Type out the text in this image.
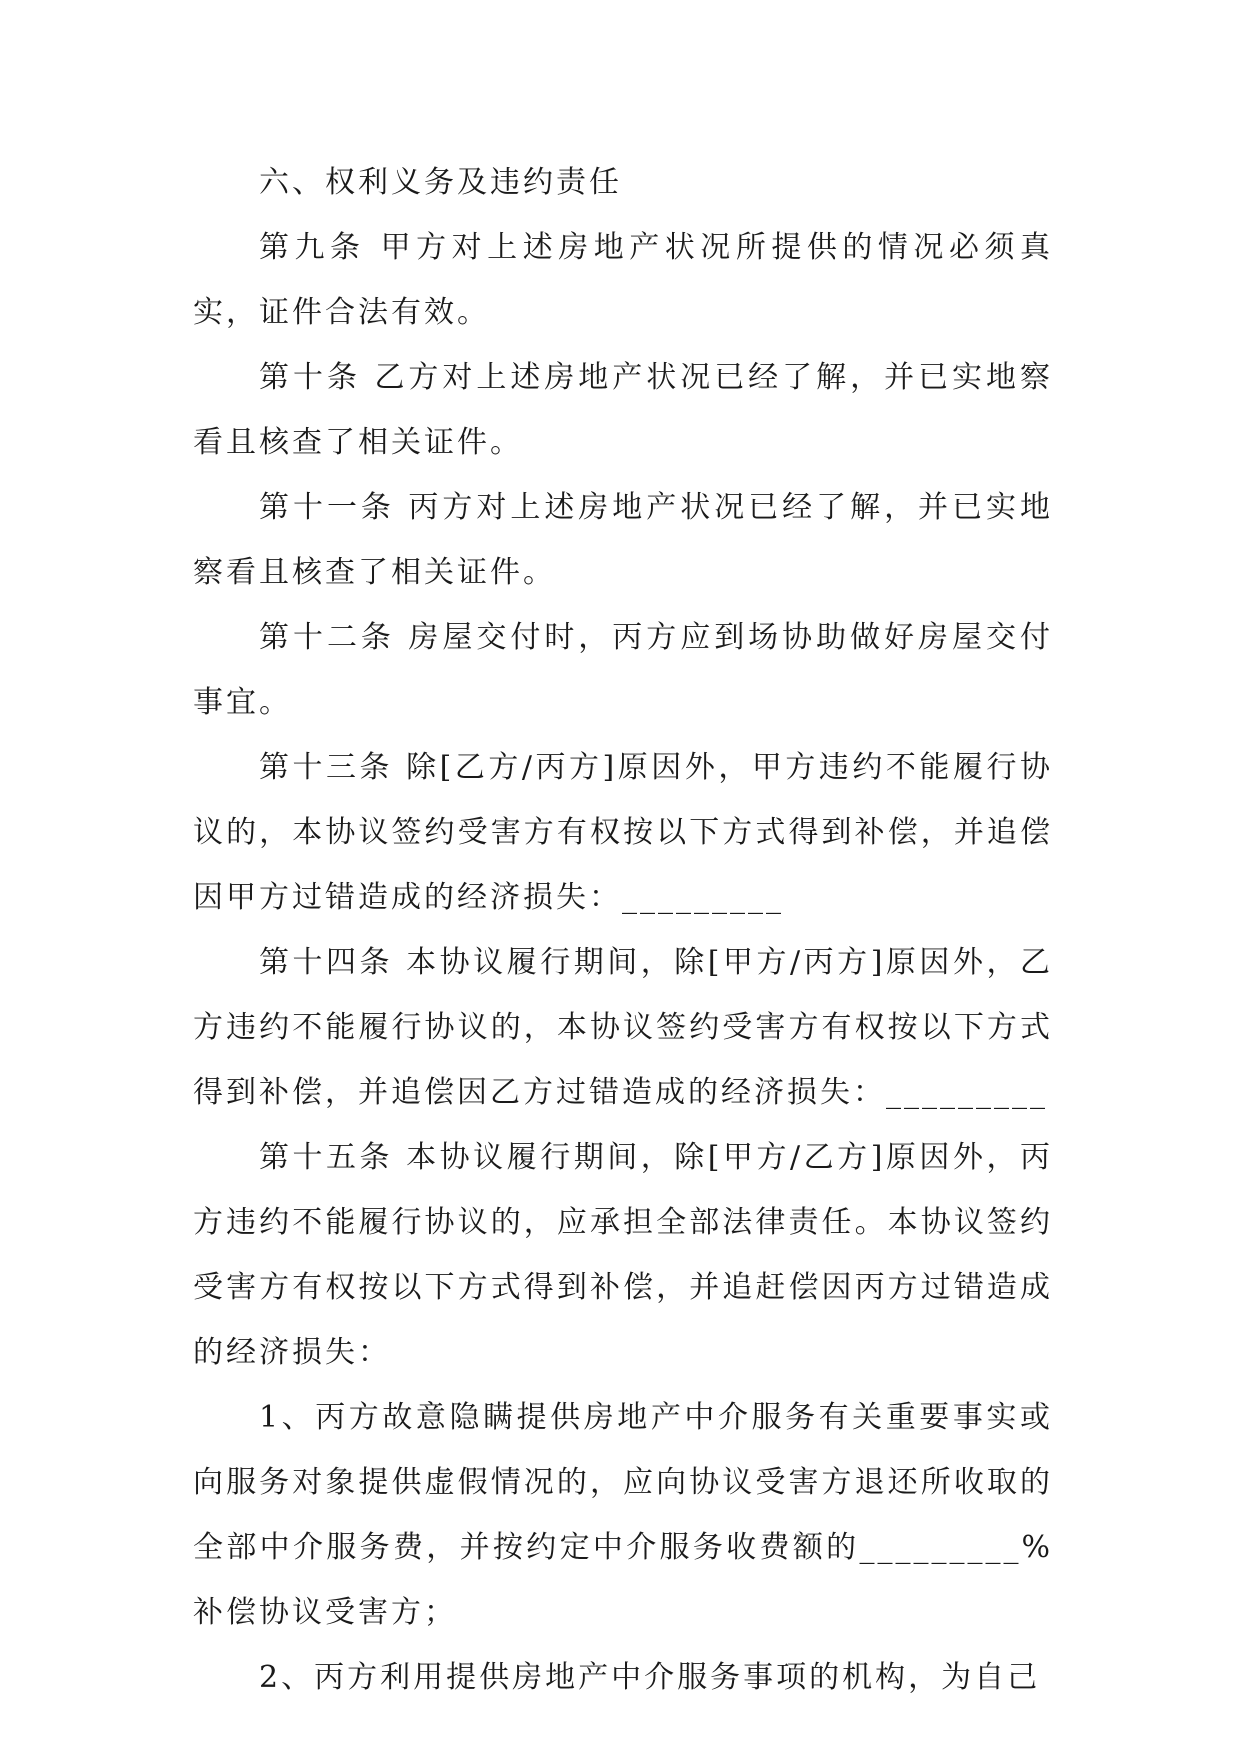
六、权利义务及违约责任

第九条 甲方对上述房地产状况所提供的情况必须真实，证件合法有效。

第十条 乙方对上述房地产状况已经了解，并已实地察看且核查了相关证件。

第十一条 丙方对上述房地产状况已经了解，并已实地察看且核查了相关证件。

第十二条 房屋交付时，丙方应到场协助做好房屋交付事宜。

第十三条 除[乙方/丙方]原因外，甲方违约不能履行协议的，本协议签约受害方有权按以下方式得到补偿，并追偿因甲方过错造成的经济损失：_________

第十四条 本协议履行期间，除[甲方/丙方]原因外，乙方违约不能履行协议的，本协议签约受害方有权按以下方式得到补偿，并追偿因乙方过错造成的经济损失：_________

第十五条 本协议履行期间，除[甲方/乙方]原因外，丙方违约不能履行协议的，应承担全部法律责任。本协议签约受害方有权按以下方式得到补偿，并追赶偿因丙方过错造成的经济损失：

1、丙方故意隐瞒提供房地产中介服务有关重要事实或向服务对象提供虚假情况的，应向协议受害方退还所收取的全部中介服务费，并按约定中介服务收费额的_________%补偿协议受害方；

2、丙方利用提供房地产中介服务事项的机构，为自己
